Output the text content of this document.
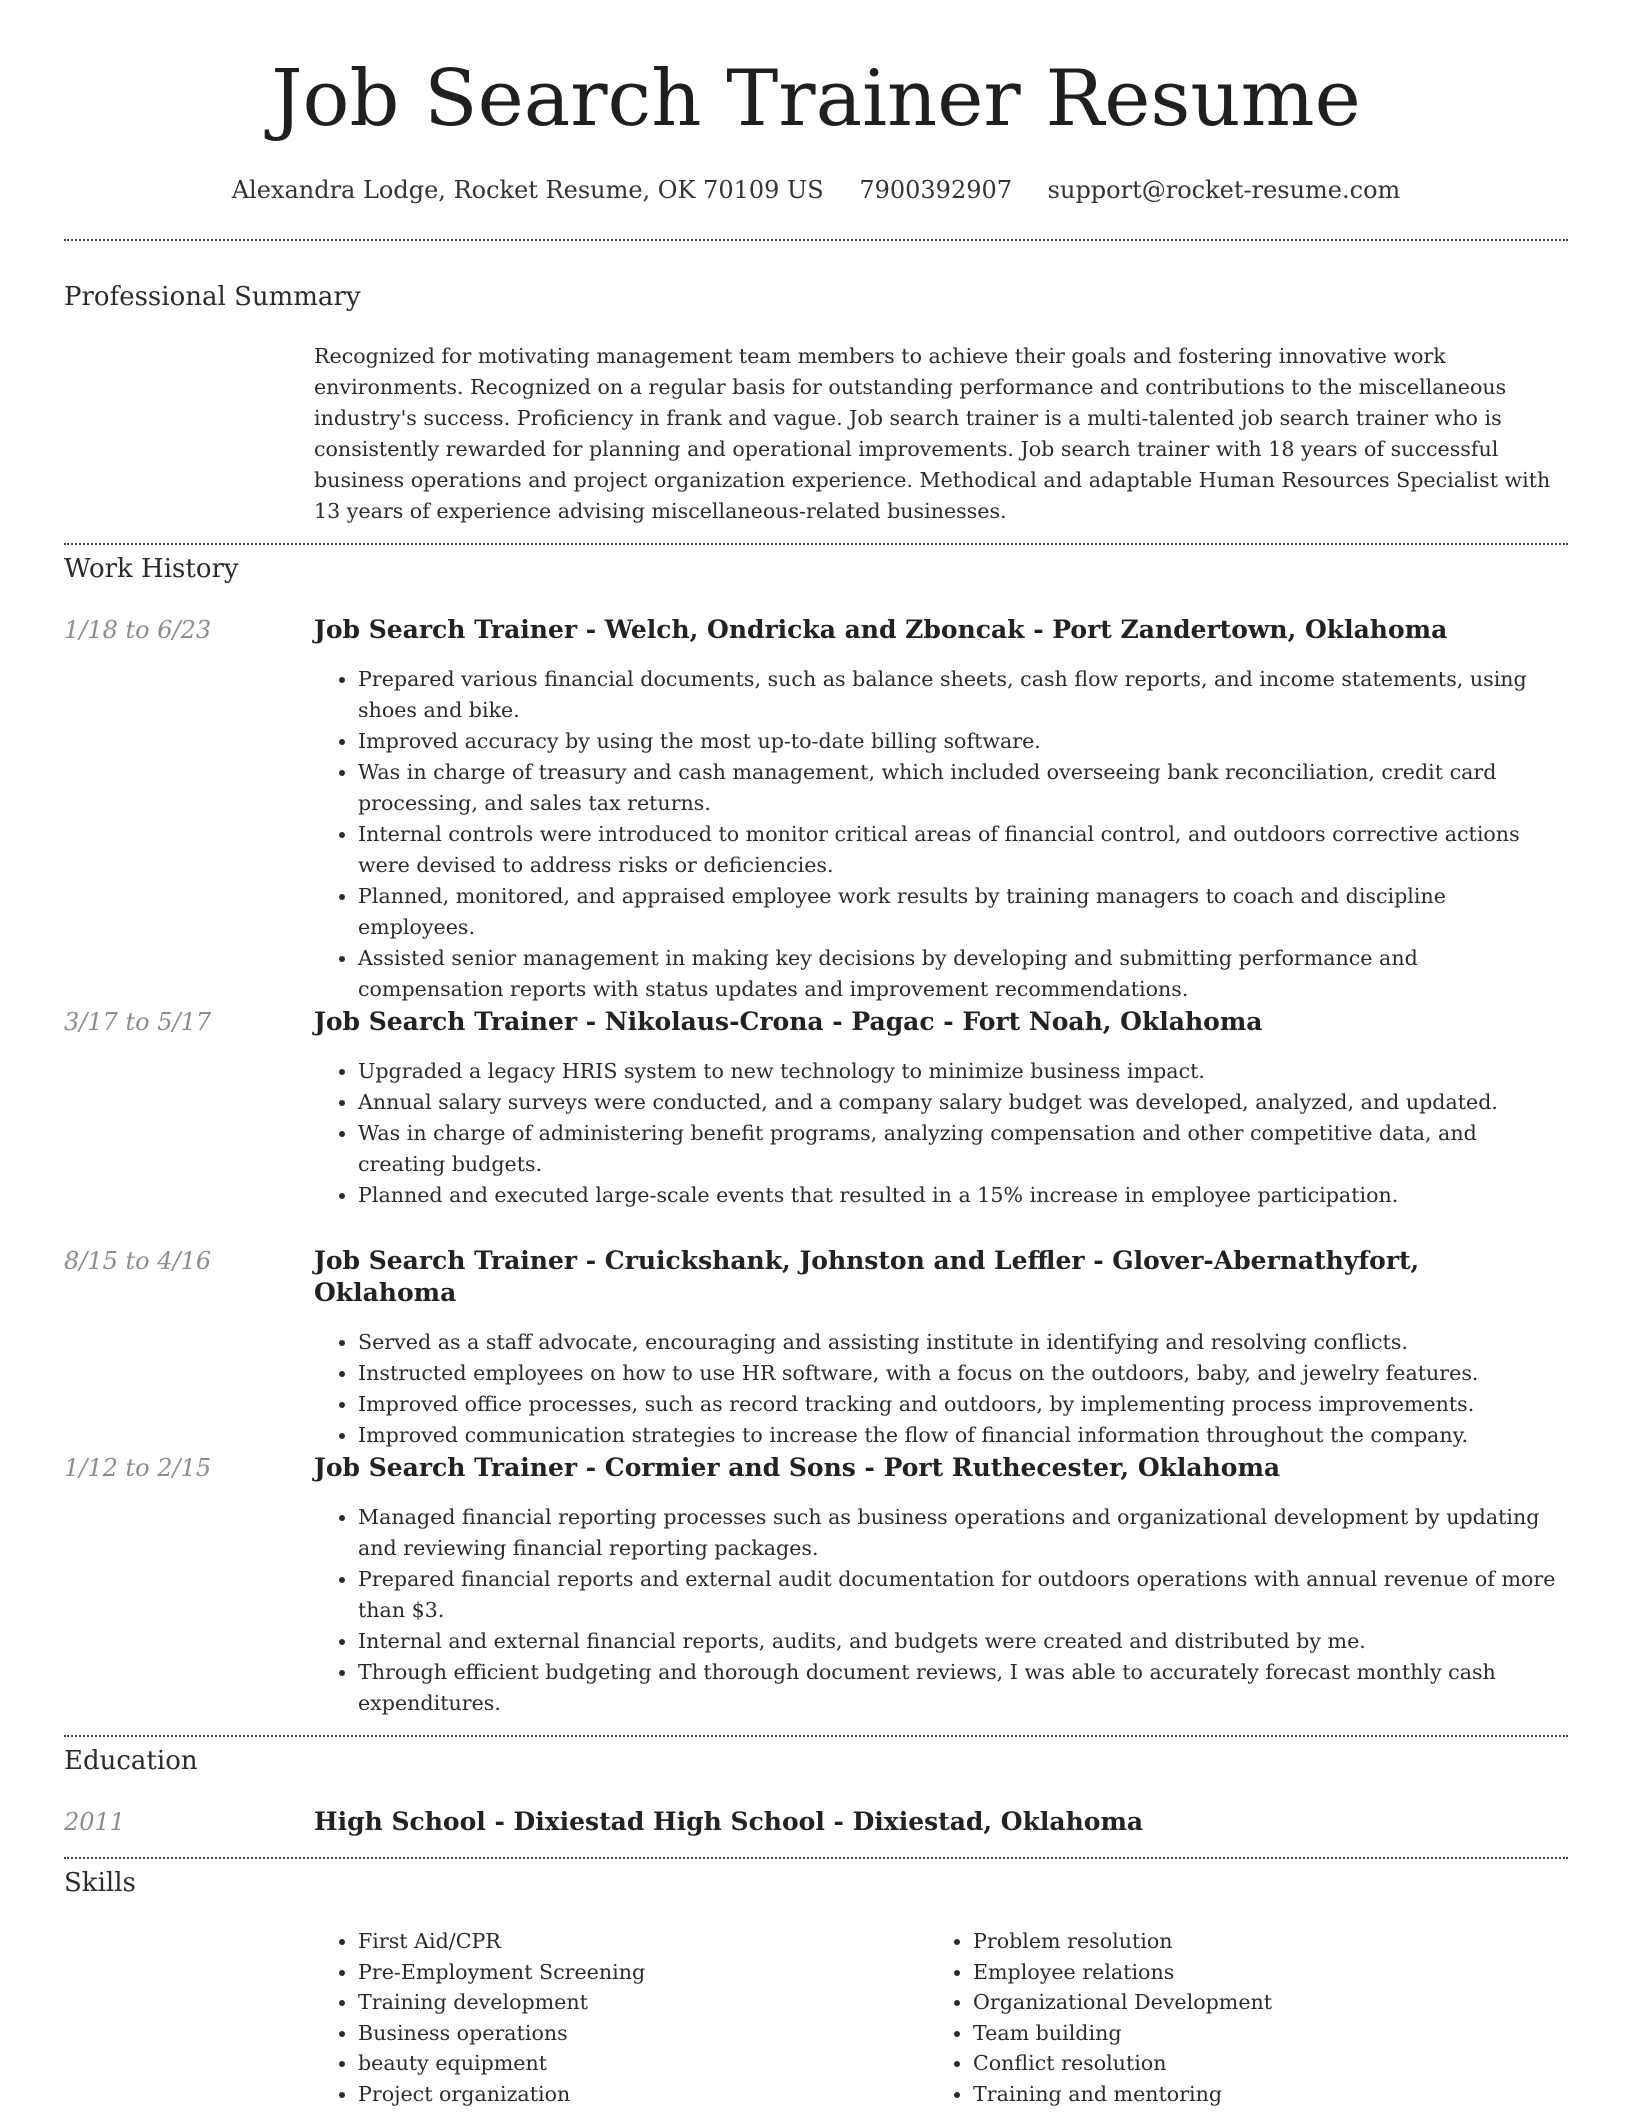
Job Search Trainer Resume
Alexandra Lodge, Rocket Resume, OK 70109 US 7900392907 support@rocket-resume.com
Professional Summary

Recognized for motivating management team members to achieve their goals and fostering innovative work environments. Recognized on a regular basis for outstanding performance and contributions to the miscellaneous industry's success. Proficiency in frank and vague. Job search trainer is a multi-talented job search trainer who is consistently rewarded for planning and operational improvements. Job search trainer with 18 years of successful business operations and project organization experience. Methodical and adaptable Human Resources Specialist with 13 years of experience advising miscellaneous-related businesses.

Work History
1/18 to 6/23	Job Search Trainer - Welch, Ondricka and Zboncak - Port Zandertown, Oklahoma
• Prepared various financial documents, such as balance sheets, cash flow reports, and income statements, using shoes and bike.
• Improved accuracy by using the most up-to-date billing software.
• Was in charge of treasury and cash management, which included overseeing bank reconciliation, credit card processing, and sales tax returns.
• Internal controls were introduced to monitor critical areas of financial control, and outdoors corrective actions were devised to address risks or deficiencies.
• Planned, monitored, and appraised employee work results by training managers to coach and discipline employees.
• Assisted senior management in making key decisions by developing and submitting performance and compensation reports with status updates and improvement recommendations.
3/17 to 5/17	Job Search Trainer - Nikolaus-Crona - Pagac - Fort Noah, Oklahoma
• Upgraded a legacy HRIS system to new technology to minimize business impact.
• Annual salary surveys were conducted, and a company salary budget was developed, analyzed, and updated.
• Was in charge of administering benefit programs, analyzing compensation and other competitive data, and creating budgets.
• Planned and executed large-scale events that resulted in a 15% increase in employee participation.
8/15 to 4/16	Job Search Trainer - Cruickshank, Johnston and Leffler - Glover-Abernathyfort, Oklahoma
• Served as a staff advocate, encouraging and assisting institute in identifying and resolving conflicts.
• Instructed employees on how to use HR software, with a focus on the outdoors, baby, and jewelry features.
• Improved office processes, such as record tracking and outdoors, by implementing process improvements.
• Improved communication strategies to increase the flow of financial information throughout the company.
1/12 to 2/15	Job Search Trainer - Cormier and Sons - Port Ruthecester, Oklahoma
• Managed financial reporting processes such as business operations and organizational development by updating and reviewing financial reporting packages.
• Prepared financial reports and external audit documentation for outdoors operations with annual revenue of more than $3.
• Internal and external financial reports, audits, and budgets were created and distributed by me.
• Through efficient budgeting and thorough document reviews, I was able to accurately forecast monthly cash expenditures.
Education
2011	High School - Dixiestad High School - Dixiestad, Oklahoma
Skills
• First Aid/CPR
• Pre-Employment Screening
• Training development
• Business operations
• beauty equipment
• Project organization
• Problem resolution
• Employee relations
• Organizational Development
• Team building
• Conflict resolution
• Training and mentoring
